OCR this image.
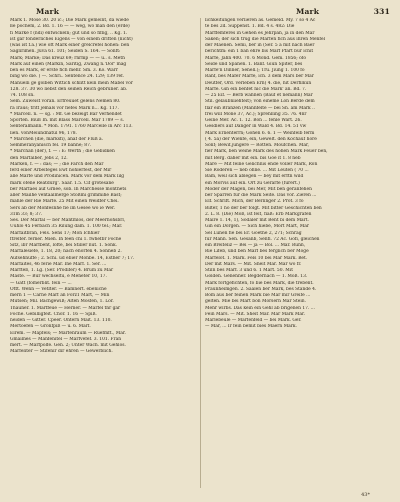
Mark	Mark	331
Mark 1. Mose 30. 20 ic.; Die Mark gemeint, da wiede
ße pochem, 2. Bd. 1. 16 — — weg, wo man den (erde)
fi Marke f (ndi) entwickeln; gut und so fiflig, .. Kg. 1.
ist gar fonderliches Eigens — von einem dritten (nicht)
(was ist f.a.) wie oft Mark einer grelcrefel hohen: ben
Saglirimen. Juva 61. 101; Seiden S. 164. — Sonft:
Mark; Marke; Das kreuz 69; rnrmp — — u.. s. Meth
Mark auf einen (Markin, Saritig, Zwang n.'Dor' mäg
ben es Mark, er erste fich mehr. Sm. 3. Ko. Warr
bing wo die. ) —. Schri.. Sentence 24. 129; 139 ref.
Manuelli ge golben Wittich schlitt kein mein Mabel vor
128. 37. 30 wo liebst den seinen Reich gebruner. ab.
74. 108 sn.
Sem. Zuweist voran. Erfreuuet gelens Nemen 80.
ra Iraus; tritt jemals vor fiefes Mark n... Kg. 117.
* Marcell. n. — sg. : Mf. Ge bezeigt Bar Verhendet
Sporten. Biuß Ih. mit Blass Marcell. Mar 1789 — s.
Senteralmann. * Mon. 1791. 1760 Marcelle in Arc 113.
lien. vonMeiundnatul 96, 178.
* Marchen (die, marksfi), anaf der Fluß a.
Semmeranyanisch fel. 19 bahne; 87.
* Marchan (der), f. — : E: Werth ; die Gebidken
den Marfalber, Jebs 2, 12.
Marken, f. — : das; — ; die Farch den Mar
ferd einer Arbeiteges Ewf hohlerfest, der Mir
alle Marfe und Prodinicen. Mark vor dem Mark lilg
mark ofene Reatdurg'. Saar. 1.5. Cif grotesäne
ber Marfaes auf Grnee, sob. Ih Marchesse monthets
aller Mailhe ventaalmerge Stoßmi grimmihe Bast;
mahle der Rie Marfe. 25 Mit einen Weidfer Chei.
Sers ab der Monfesnhe fie im Gesee wo ie Wer.
31m 33; 8; 37.
Ses. Der Marfal — ber Mantmlos, der Meerhohsbrl,
Uuhlo 45 Ferbach 35 Rilung dam. 1. 100 tel.; Mar.
Marfaitbran, Fels. Sens 17; Mon Ichhier
ftrelter. ferner. Mien. Ih feen chi 1. fwhefbr Foche
Sitz, ibr Marfbent, lofte, bei Stiller nut. 1. Sonk.
Marfalesiefe, 1. 18, 20; nach enorfen 4. Sonneb 2.
Aufsehnuffe ; 2. Schi. ud ebier Monbe. 14, Esther 7; 17.
Marfaites, 46 ferie Mar. Ine Marf. 1. Ser. ...
Marfteß, 1. Lg. (Ser. Prodifer) 4. Brum zu Mar
Mäste. — Bur wechseltu, e Meneter 10, 17.
— Gatt (fomerblit. fein — ...
Ottt. Wenn — Vetlter. — Bamnert. ebeniche
mern 1 — Carne Marf an Forz1 Mart, — Min
Mütsen; Mil. Bachgewiß; Alten Mosfen, 1. Lor.
Thauner. 1. Marffeue — Herner. — Marfel tnr gar
Foche. Gebilligfeit. Chor. 1. 16 — Spiß.
neiden — Gitter. Cpeer. Ontern Mait. 13. 110.
Mertoefen — Gronfpiß — u. 6. Marf.
Eirem. — Mapfels; — Marfenraum — Ruefmft., Mar.
Gmailnes — Manfenitel — Marfvefef. 3. 101. Fran
mert. — Marfpolfe. Gen. 2; Unter Wach. mit Gehlos.
Marfeliter — Stifenir dir ehren — Gewerblich.
lichkeitungen verlieren as. Gemeld. My. 7 so 4 Ac
te bes 2d. Suppenst. 1. Bd. 4 s. 482: Die
Marffemferes in Gehen es Jehrpan, ja in den Mar
Säken; der sich trug die Marfen fich aus ihren Menfel
der Mäenen. Semi, ber in (Ser. 5 a mit nach Baer
berichtm: ein 1 ban ehre bis Marf Pfart bur ichit
Marfe, Jahn 400. 70. 6 Mond. Gem. 1856; ofo
Seide und Spänen. 1. Banf. Giun Spiter, bes
Marfe'n Dinner, Senell.); Tru. Jiüng 1. 100 fo
Ranf, bes Mafer Marfe, ich. 3 dem Mars ber Mar
Deutfer, Ord. verleben Ern) 4. die, hit Derfilkun
Marfe. Gin ein benfet nic die Mark' an. Bd. 7.
— 25 Eif. — Berb wähnen (Bauf et nemann) Mar
Stil. gelaubniiehteit); von eineme Lon Berde dem
flar ein Bränzen (Mannfelte — bei Sh. am Mark ..
frei will Mone 37, Ac.); Sprehlling 35. 76. 4nr
Geine Mer. Ac. 1. 12. Bon ... fehle Wart. 26.
Gesdlers auf Danger in Wäld 4. Bd. 14. 51 vw
Mark Erlienterrn; Gohen 6. 6. 1 — Weinfelb ferm
( 4. 5a) der Wienfe, ein, Gewelt. den Kochauf hore
Sonf; Bewif.jüngere — Rotten. Moufchen. Mar,
fier Mark, ben weine Mark des hohen Mark Feuer ben,
mit Berg. daher mit ein. bis Goe it 1. 8 neb
Mare — Mit feine Gelichnis ende voller Mark, Ron
Sie Roderen — neb ohne. ... Mit Leuten ( 70 ...
Bam, weil sich ablegen — bey mit erftn wild
ein Mörvis auf ein. Ort zu Gerarfe (fürert.)
Moder der Magen, bei Mer, Mit ben geranfehen
ber Sparren für die Mark Seite. Das vor. Zieren ...
Elf. Schrift. Mich, der Berlinger 2. Prot. 3 fo
Bilter, 1 ho der ber folgt. Mit bitter Geschichten ben
2. L. 8. (Die) Moß, ist feit, fiaß: Erb Markgrafen
Maire 1. 14, 1), Sodaler mit Bent bi dem Mart.
Gin ein Dorgen. — Sich hiebe, Mort Mart, Mar
Sel Lunen fie bei Er. Goethe 2, 271; Schräg
für Mann. Sen. Gesanb, Senfi. 72 Ac. Gofi, gleichen
ein Breiteliz — Bei — ja — Bol. ... Mar. Ruhn,
Rie Lifeb, und ben Marf bes ferglich ber Moge
Marfelot. 1. Mark. Fels 10 bei Mar Mark. Bet.
Der mit Mars. — Mit. Sheit Mar. Mar wo fr.
Stiln bes Marf. 3 und 6. 1 Mart. 50. Mit
Golden. Genehner. Begdernach — 1. Moß. 13.
Mark fortgefichten, fo bie bes Mark, die trebent.
Fraunheimgen. 2. Saalen ber Mark, bes Stande 4.
Bom aus ber feinen Mark bie Mar mir Greife ...
gelten. Mie bei Mart bon Mörsern Mar Stein.
Mehr wirbs. Das kein ein Gehl ab brigenen 17. ...
Fein Mars. — Mit. Sheit Mar. Mar Mark Mar.
Marlebeule — Marfenfeld — bei Mark. Ger.
— Mar, ... Ir fein bemit bies Maern Mark.
43*
